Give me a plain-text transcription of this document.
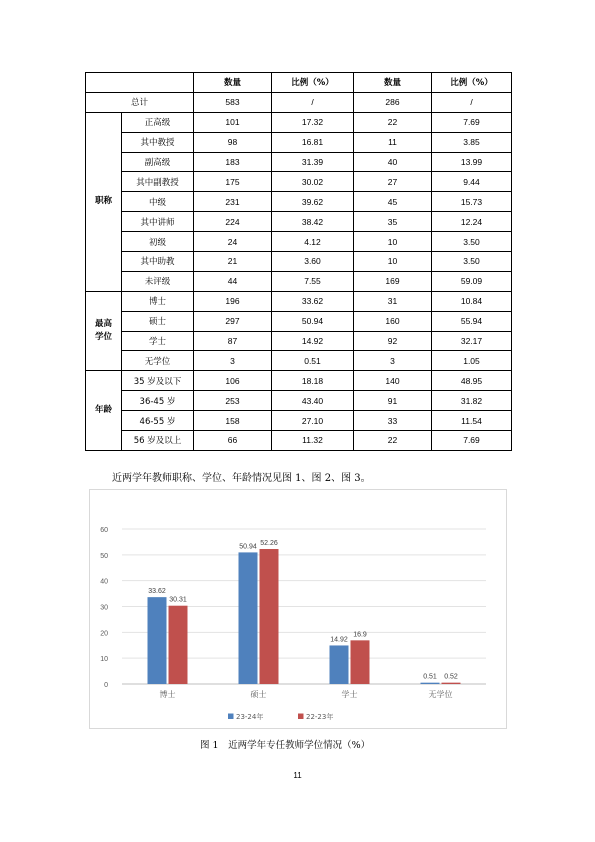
		数量	比例（%）	数量	比例（%）
总计		583	/	286	/
职称	正高级	101	17.32	22	7.69
	其中教授	98	16.81	11	3.85
	副高级	183	31.39	40	13.99
	其中副教授	175	30.02	27	9.44
	中级	231	39.62	45	15.73
	其中讲师	224	38.42	35	12.24
	初级	24	4.12	10	3.50
	其中助教	21	3.60	10	3.50
	未评级	44	7.55	169	59.09
最高学位	博士	196	33.62	31	10.84
	硕士	297	50.94	160	55.94
	学士	87	14.92	92	32.17
	无学位	3	0.51	3	1.05
年龄	35 岁及以下	106	18.18	140	48.95
	36-45 岁	253	43.40	91	31.82
	46-55 岁	158	27.10	33	11.54
	56 岁及以上	66	11.32	22	7.69
近两学年教师职称、学位、年龄情况见图 1、图 2、图 3。
0
10
20
30
40
50
60
33.62
30.31
博士
50.94 52.26
硕士
14.92
16.9
学士
0.51 0.52
无学位
23-24年	22-23年
图 1　近两学年专任教师学位情况（%）
11
